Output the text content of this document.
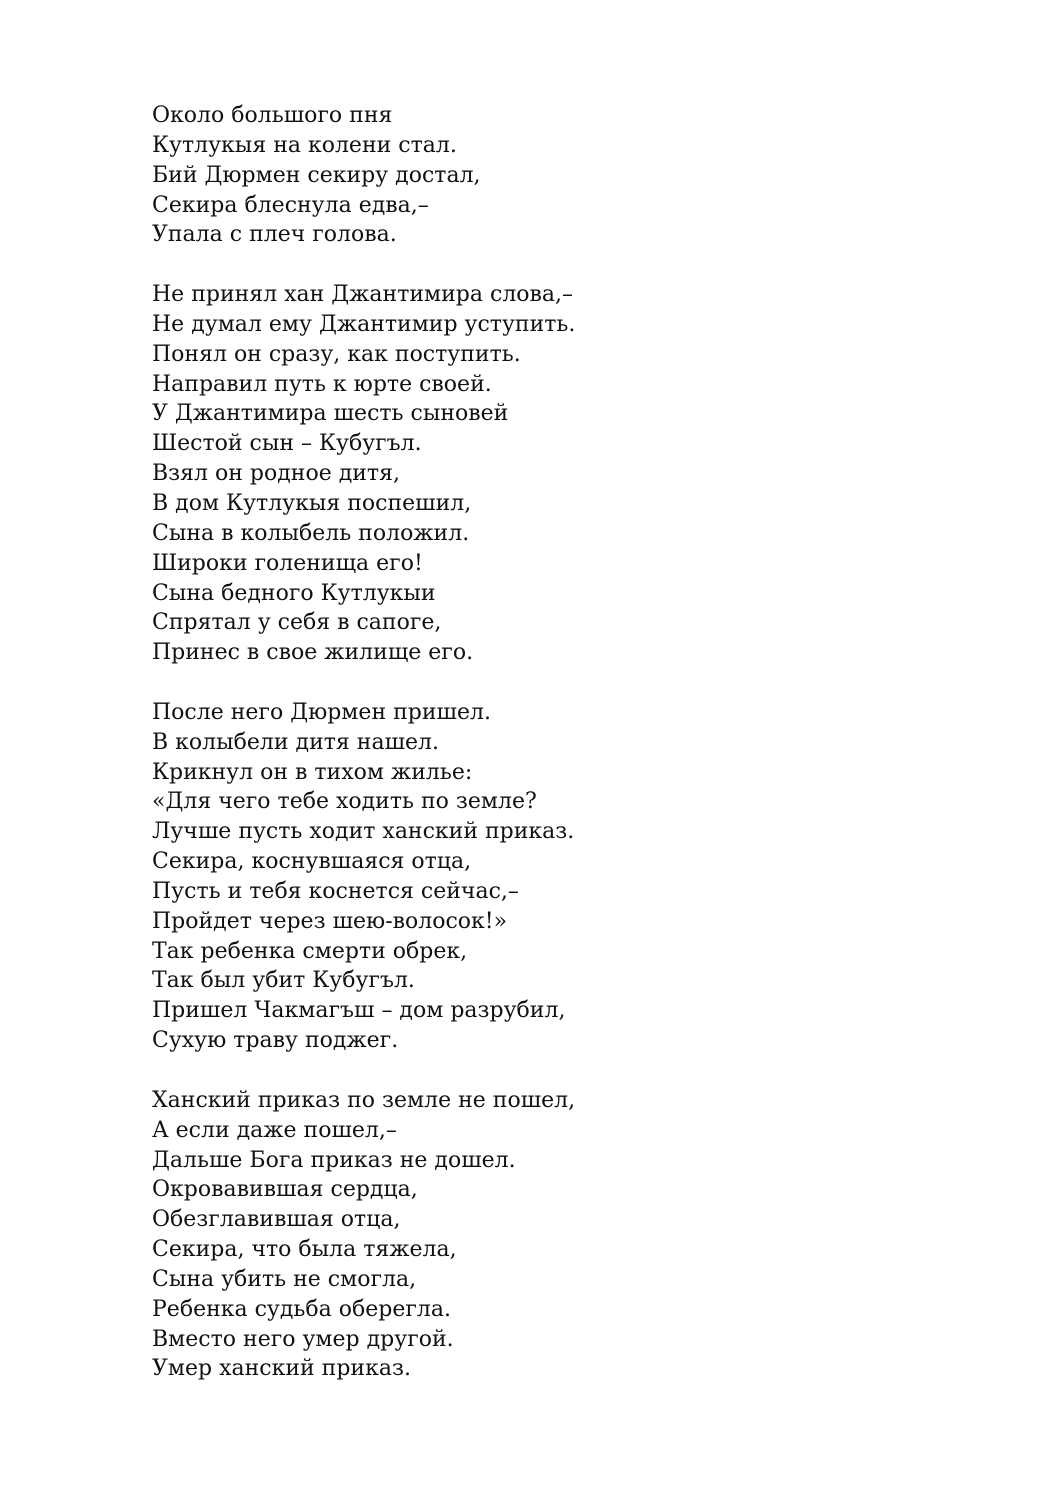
Около большого пня
Кутлукыя на колени стал.
Бий Дюрмен секиру достал,
Секира блеснула едва,–
Упала с плеч голова.
Не принял хан Джантимира слова,–
Не думал ему Джантимир уступить.
Понял он сразу, как поступить.
Направил путь к юрте своей.
У Джантимира шесть сыновей
Шестой сын – Кубугъл.
Взял он родное дитя,
В дом Кутлукыя поспешил,
Сына в колыбель положил.
Широки голенища его!
Сына бедного Кутлукыи
Спрятал у себя в сапоге,
Принес в свое жилище его.
После него Дюрмен пришел.
В колыбели дитя нашел.
Крикнул он в тихом жилье:
«Для чего тебе ходить по земле?
Лучше пусть ходит ханский приказ.
Секира, коснувшаяся отца,
Пусть и тебя коснется сейчас,–
Пройдет через шею-волосок!»
Так ребенка смерти обрек,
Так был убит Кубугъл.
Пришел Чакмагъш – дом разрубил,
Сухую траву поджег.
Ханский приказ по земле не пошел,
А если даже пошел,–
Дальше Бога приказ не дошел.
Окровавившая сердца,
Обезглавившая отца,
Секира, что была тяжела,
Сына убить не смогла,
Ребенка судьба оберегла.
Вместо него умер другой.
Умер ханский приказ.
